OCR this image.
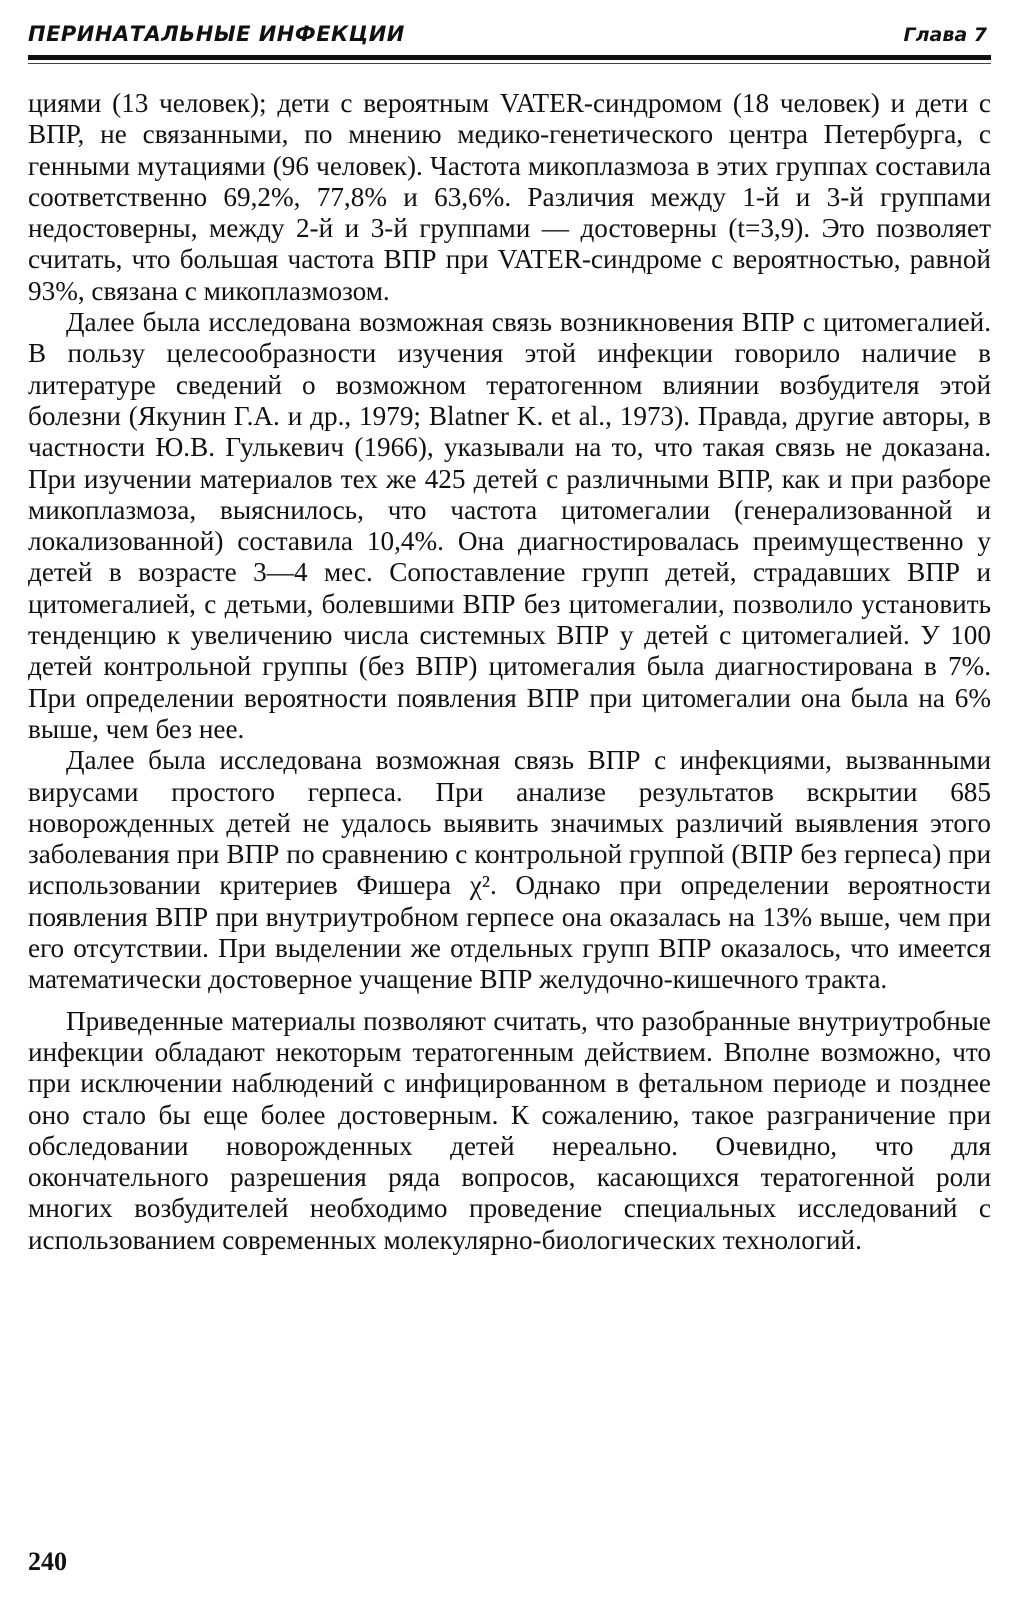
ПЕРИНАТАЛЬНЫЕ ИНФЕКЦИИ	Глава 7

циями (13 человек); дети с вероятным VATER-синдромом (18 человек) и дети с ВПР, не связанными, по мнению медико-генетического центра Петербурга, с генными мутациями (96 человек). Частота микоплазмоза в этих группах составила соответственно 69,2%, 77,8% и 63,6%. Различия между 1-й и 3-й группами недостоверны, между 2-й и 3-й группами — достоверны (t=3,9). Это позволяет считать, что большая частота ВПР при VATER-синдроме с вероятностью, равной 93%, связана с микоплазмозом.

Далее была исследована возможная связь возникновения ВПР с цитомегалией. В пользу целесообразности изучения этой инфекции говорило наличие в литературе сведений о возможном тератогенном влиянии возбудителя этой болезни (Якунин Г.А. и др., 1979; Blatner K. et al., 1973). Правда, другие авторы, в частности Ю.В. Гулькевич (1966), указывали на то, что такая связь не доказана. При изучении материалов тех же 425 детей с различными ВПР, как и при разборе микоплазмоза, выяснилось, что частота цитомегалии (генерализованной и локализованной) составила 10,4%. Она диагностировалась преимущественно у детей в возрасте 3—4 мес. Сопоставление групп детей, страдавших ВПР и цитомегалией, с детьми, болевшими ВПР без цитомегалии, позволило установить тенденцию к увеличению числа системных ВПР у детей с цитомегалией. У 100 детей контрольной группы (без ВПР) цитомегалия была диагностирована в 7%. При определении вероятности появления ВПР при цитомегалии она была на 6% выше, чем без нее.

Далее была исследована возможная связь ВПР с инфекциями, вызванными вирусами простого герпеса. При анализе результатов вскрытии 685 новорожденных детей не удалось выявить значимых различий выявления этого заболевания при ВПР по сравнению с контрольной группой (ВПР без герпеса) при использовании критериев Фишера χ². Однако при определении вероятности появления ВПР при внутриутробном герпесе она оказалась на 13% выше, чем при его отсутствии. При выделении же отдельных групп ВПР оказалось, что имеется математически достоверное учащение ВПР желудочно-кишечного тракта.

Приведенные материалы позволяют считать, что разобранные внутриутробные инфекции обладают некоторым тератогенным действием. Вполне возможно, что при исключении наблюдений с инфицированном в фетальном периоде и позднее оно стало бы еще более достоверным. К сожалению, такое разграничение при обследовании новорожденных детей нереально. Очевидно, что для окончательного разрешения ряда вопросов, касающихся тератогенной роли многих возбудителей необходимо проведение специальных исследований с использованием современных молекулярно-биологических технологий.

240
